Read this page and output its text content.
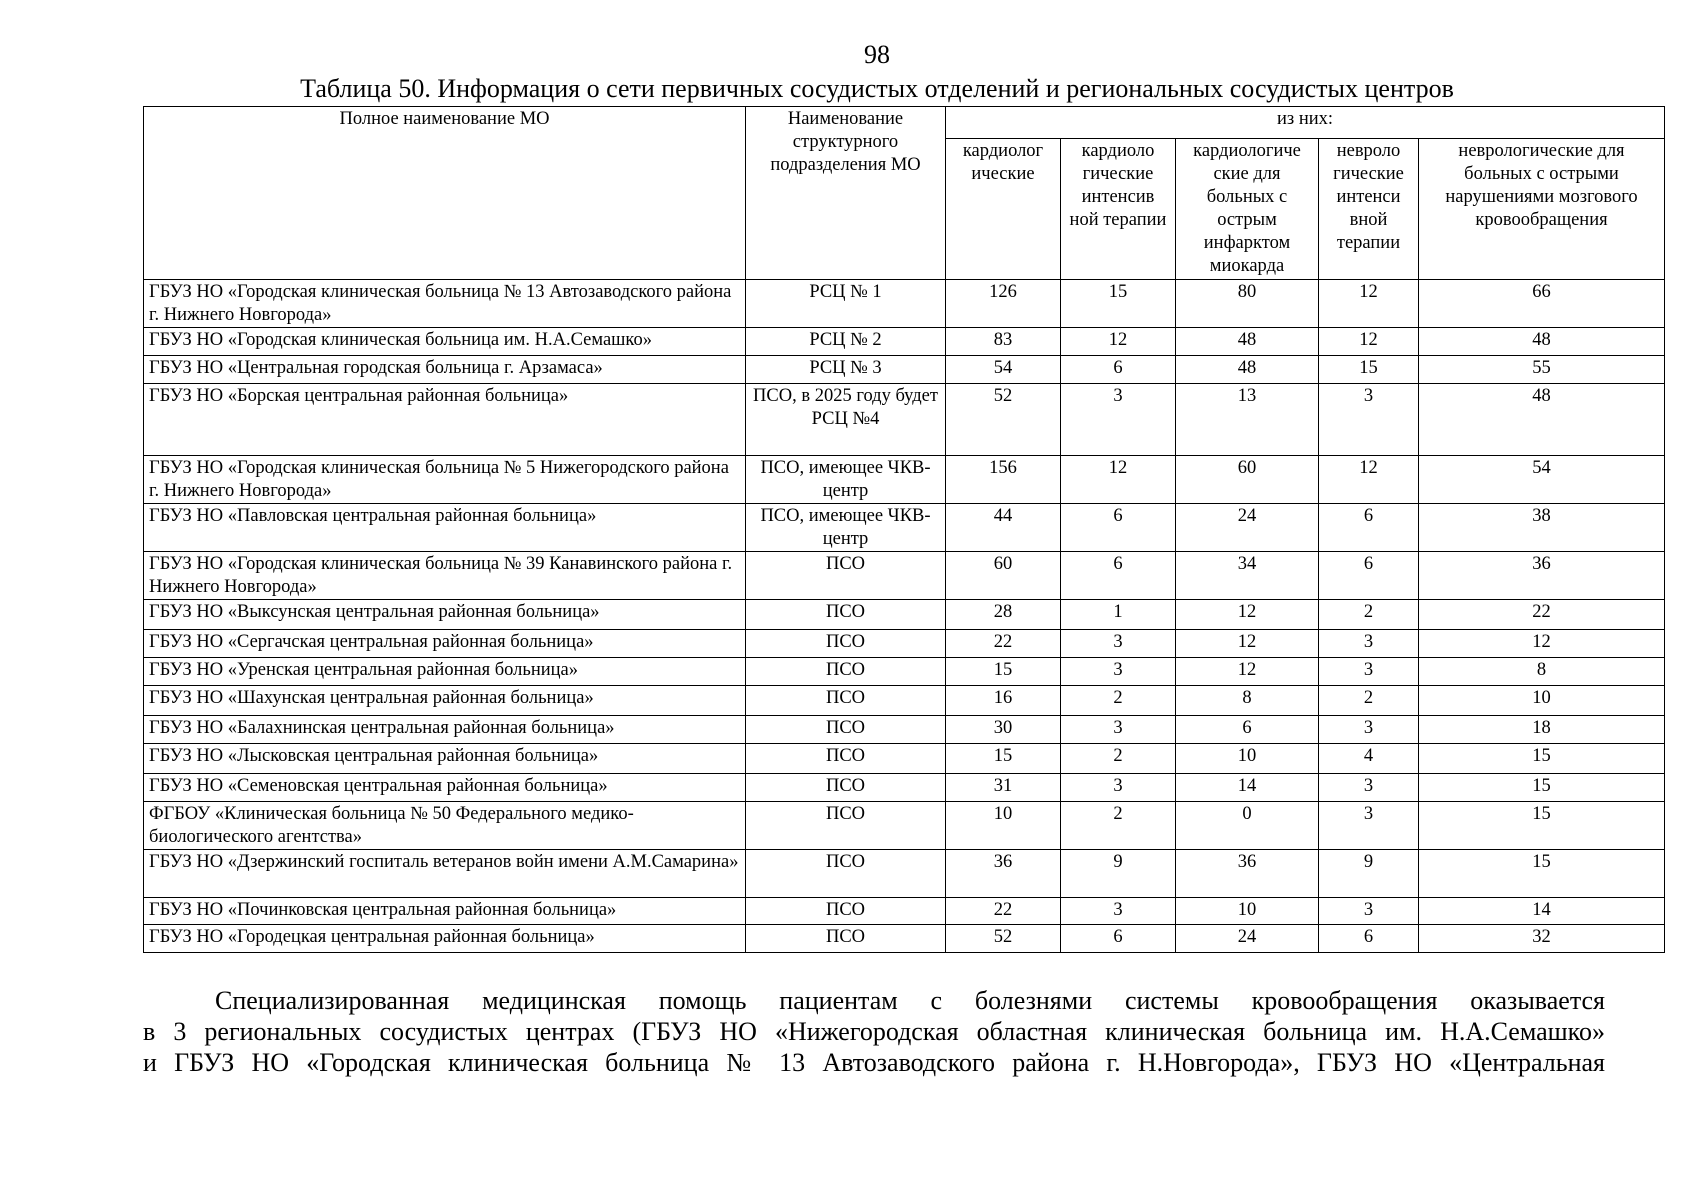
98
Таблица 50. Информация о сети первичных сосудистых отделений и региональных сосудистых центров
Полное наименование МО	Наименование структурного подразделения МО	из них:				
		кардиолог ические	кардиоло гические интенсив ной терапии	кардиологиче ские для больных с острым инфарктом миокарда	невроло гические интенси вной терапии	неврологические для больных с острыми нарушениями мозгового кровообращения
ГБУЗ НО «Городская клиническая больница № 13 Автозаводского района г. Нижнего Новгорода»	РСЦ № 1	126	15	80	12	66
ГБУЗ НО «Городская клиническая больница им. Н.А.Семашко»	РСЦ № 2	83	12	48	12	48
ГБУЗ НО «Центральная городская больница г. Арзамаса»	РСЦ № 3	54	6	48	15	55
ГБУЗ НО «Борская центральная районная больница»	ПСО, в 2025 году будет РСЦ №4	52	3	13	3	48
ГБУЗ НО «Городская клиническая больница № 5 Нижегородского района г. Нижнего Новгорода»	ПСО, имеющее ЧКВ-центр	156	12	60	12	54
ГБУЗ НО «Павловская центральная районная больница»	ПСО, имеющее ЧКВ-центр	44	6	24	6	38
ГБУЗ НО «Городская клиническая больница № 39 Канавинского района г. Нижнего Новгорода»	ПСО	60	6	34	6	36
ГБУЗ НО «Выксунская центральная районная больница»	ПСО	28	1	12	2	22
ГБУЗ НО «Сергачская центральная районная больница»	ПСО	22	3	12	3	12
ГБУЗ НО «Уренская центральная районная больница»	ПСО	15	3	12	3	8
ГБУЗ НО «Шахунская центральная районная больница»	ПСО	16	2	8	2	10
ГБУЗ НО «Балахнинская центральная районная больница»	ПСО	30	3	6	3	18
ГБУЗ НО «Лысковская центральная районная больница»	ПСО	15	2	10	4	15
ГБУЗ НО «Семеновская центральная районная больница»	ПСО	31	3	14	3	15
ФГБОУ «Клиническая больница № 50 Федерального медико-биологического агентства»	ПСО	10	2	0	3	15
ГБУЗ НО «Дзержинский госпиталь ветеранов войн имени А.М.Самарина»	ПСО	36	9	36	9	15
ГБУЗ НО «Починковская центральная районная больница»	ПСО	22	3	10	3	14
ГБУЗ НО «Городецкая центральная районная больница»	ПСО	52	6	24	6	32
Специализированная медицинская помощь пациентам с болезнями системы кровообращения оказывается
в 3 региональных сосудистых центрах (ГБУЗ НО «Нижегородская областная клиническая больница им. Н.А.Семашко»
и ГБУЗ НО «Городская клиническая больница № 13 Автозаводского района г. Н.Новгорода», ГБУЗ НО «Центральная
